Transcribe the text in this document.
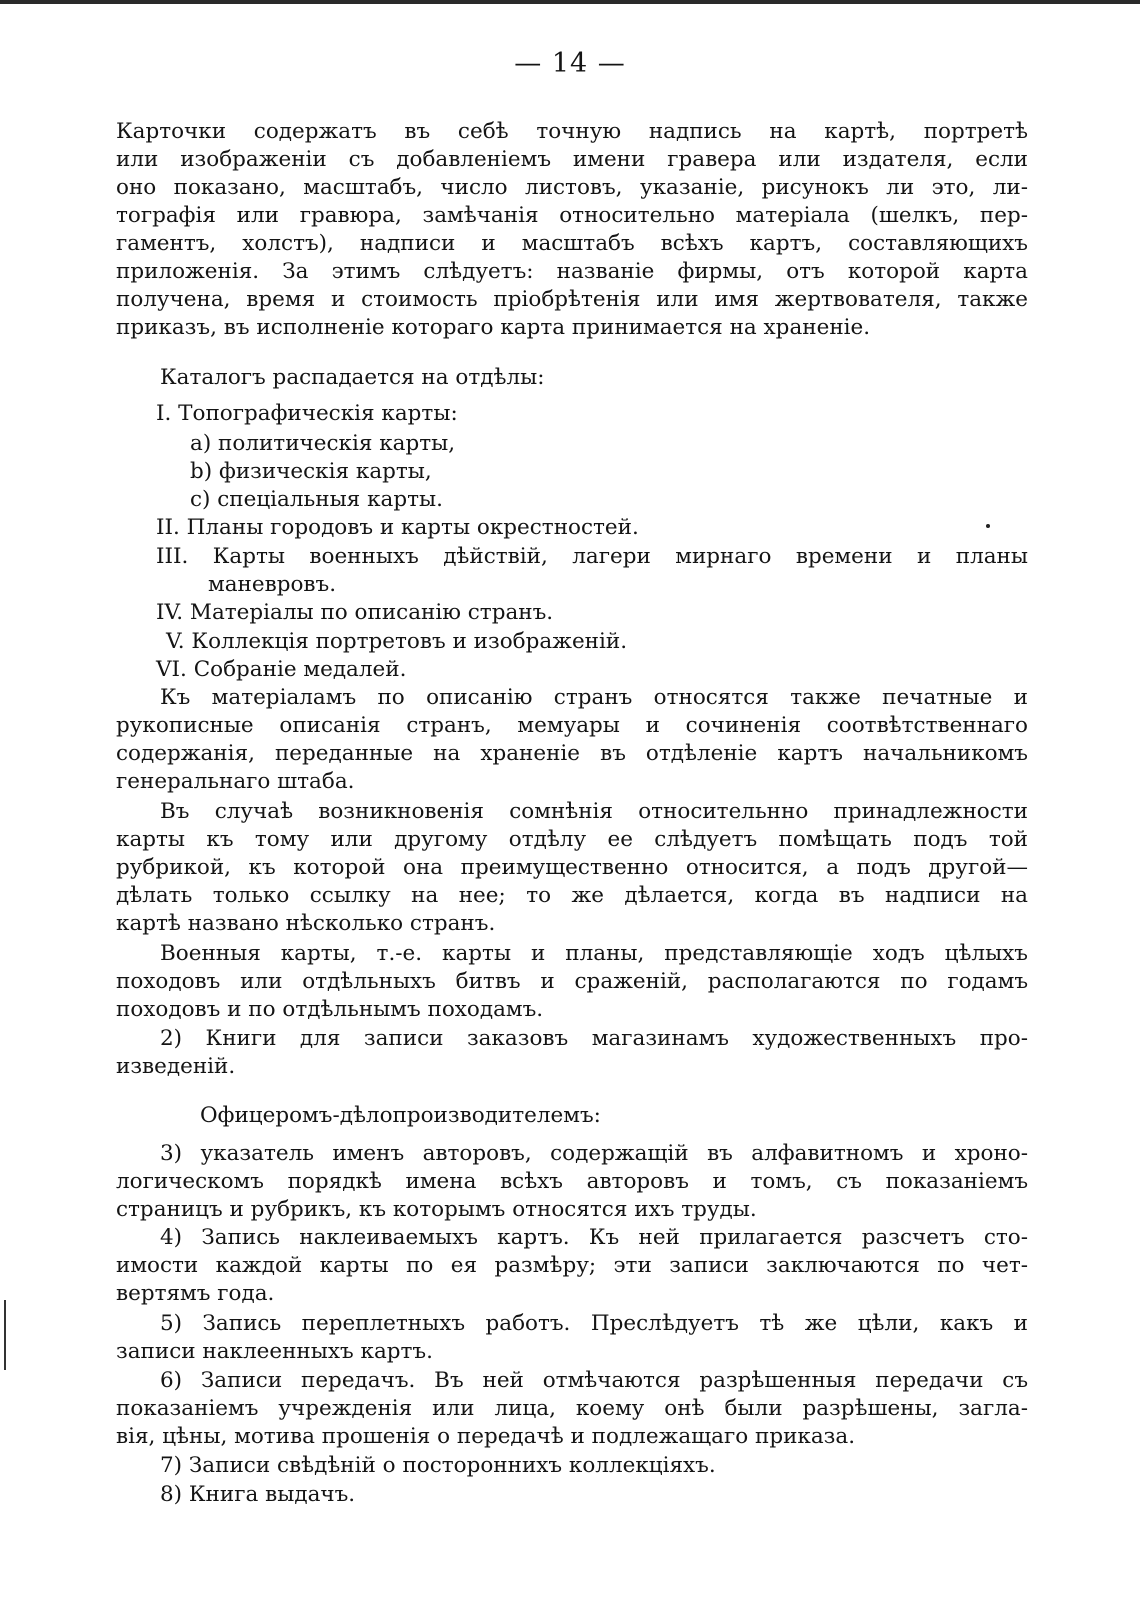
— 14 —
Карточки содержатъ въ себѣ точную надпись на картѣ, портретѣ
или изображеніи съ добавленіемъ имени гравера или издателя, если
оно показано, масштабъ, число листовъ, указаніе, рисунокъ ли это, ли-
тографія или гравюра, замѣчанія относительно матеріала (шелкъ, пер-
гаментъ, холстъ), надписи и масштабъ всѣхъ картъ, составляющихъ
приложенія. За этимъ слѣдуетъ: названіе фирмы, отъ которой карта
получена, время и стоимость пріобрѣтенія или имя жертвователя, также
приказъ, въ исполненіе котораго карта принимается на храненіе.
Каталогъ распадается на отдѣлы:
I. Топографическія карты:
a) политическія карты,
b) физическія карты,
c) спеціальныя карты.
II. Планы городовъ и карты окрестностей.
III. Карты военныхъ дѣйствій, лагери мирнаго времени и планы
маневровъ.
IV. Матеріалы по описанію странъ.
V. Коллекція портретовъ и изображеній.
VI. Собраніе медалей.
Къ матеріаламъ по описанію странъ относятся также печатные и
рукописные описанія странъ, мемуары и сочиненія соотвѣтственнаго
содержанія, переданные на храненіе въ отдѣленіе картъ начальникомъ
генеральнаго штаба.
Въ случаѣ возникновенія сомнѣнія относительнно принадлежности
карты къ тому или другому отдѣлу ее слѣдуетъ помѣщать подъ той
рубрикой, къ которой она преимущественно относится, а подъ другой—
дѣлать только ссылку на нее; то же дѣлается, когда въ надписи на
картѣ названо нѣсколько странъ.
Военныя карты, т.-е. карты и планы, представляющіе ходъ цѣлыхъ
походовъ или отдѣльныхъ битвъ и сраженій, располагаются по годамъ
походовъ и по отдѣльнымъ походамъ.
2) Книги для записи заказовъ магазинамъ художественныхъ про-
изведеній.
Офицеромъ-дѣлопроизводителемъ:
3) указатель именъ авторовъ, содержащій въ алфавитномъ и хроно-
логическомъ порядкѣ имена всѣхъ авторовъ и томъ, съ показаніемъ
страницъ и рубрикъ, къ которымъ относятся ихъ труды.
4) Запись наклеиваемыхъ картъ. Къ ней прилагается разсчетъ сто-
имости каждой карты по ея размѣру; эти записи заключаются по чет-
вертямъ года.
5) Запись переплетныхъ работъ. Преслѣдуетъ тѣ же цѣли, какъ и
записи наклеенныхъ картъ.
6) Записи передачъ. Въ ней отмѣчаются разрѣшенныя передачи съ
показаніемъ учрежденія или лица, коему онѣ были разрѣшены, загла-
вія, цѣны, мотива прошенія о передачѣ и подлежащаго приказа.
7) Записи свѣдѣній о постороннихъ коллекціяхъ.
8) Книга выдачъ.
